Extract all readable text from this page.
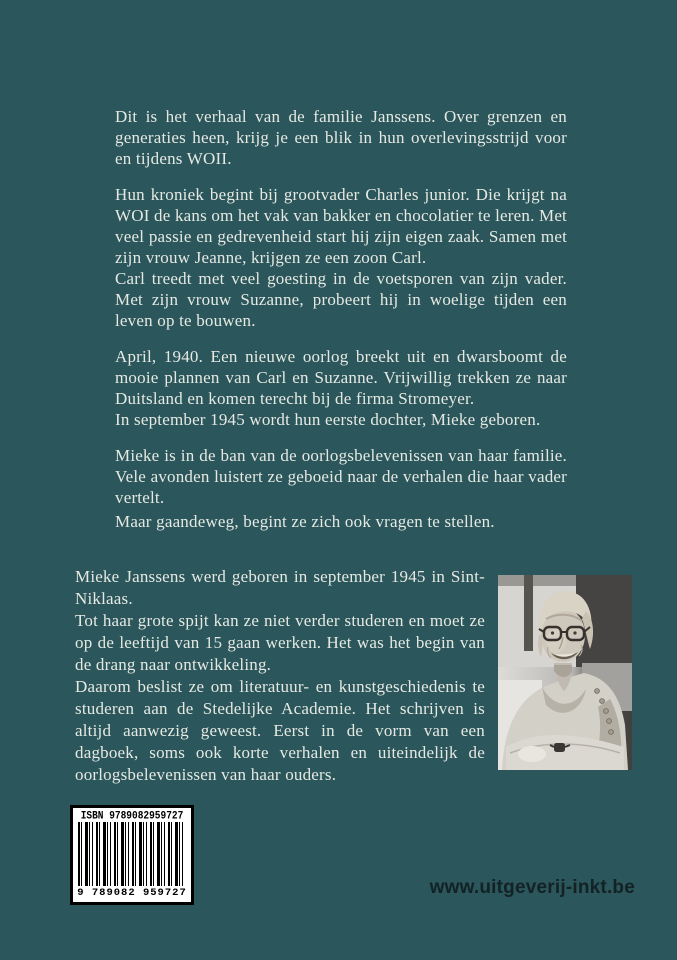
Dit is het verhaal van de familie Janssens. Over grenzen en generaties heen, krijg je een blik in hun overlevingsstrijd voor en tijdens WOII.

Hun kroniek begint bij grootvader Charles junior. Die krijgt na WOI de kans om het vak van bakker en chocolatier te leren. Met veel passie en gedrevenheid start hij zijn eigen zaak. Samen met zijn vrouw Jeanne, krijgen ze een zoon Carl.

Carl treedt met veel goesting in de voetsporen van zijn vader. Met zijn vrouw Suzanne, probeert hij in woelige tijden een leven op te bouwen.

April, 1940. Een nieuwe oorlog breekt uit en dwarsboomt de mooie plannen van Carl en Suzanne. Vrijwillig trekken ze naar Duitsland en komen terecht bij de firma Stromeyer.

In september 1945 wordt hun eerste dochter, Mieke geboren.

Mieke is in de ban van de oorlogsbelevenissen van haar familie. Vele avonden luistert ze geboeid naar de verhalen die haar vader vertelt.

Maar gaandeweg, begint ze zich ook vragen te stellen.

Mieke Janssens werd geboren in september 1945 in Sint-Niklaas.

Tot haar grote spijt kan ze niet verder studeren en moet ze op de leeftijd van 15 gaan werken. Het was het begin van de drang naar ontwikkeling.

Daarom beslist ze om literatuur- en kunstgeschiedenis te studeren aan de Stedelijke Academie. Het schrijven is altijd aanwezig geweest. Eerst in de vorm van een dagboek, soms ook korte verhalen en uiteindelijk de oorlogsbelevenissen van haar ouders.

ISBN 9789082959727
9 789082 959727	www.uitgeverij-inkt.be
